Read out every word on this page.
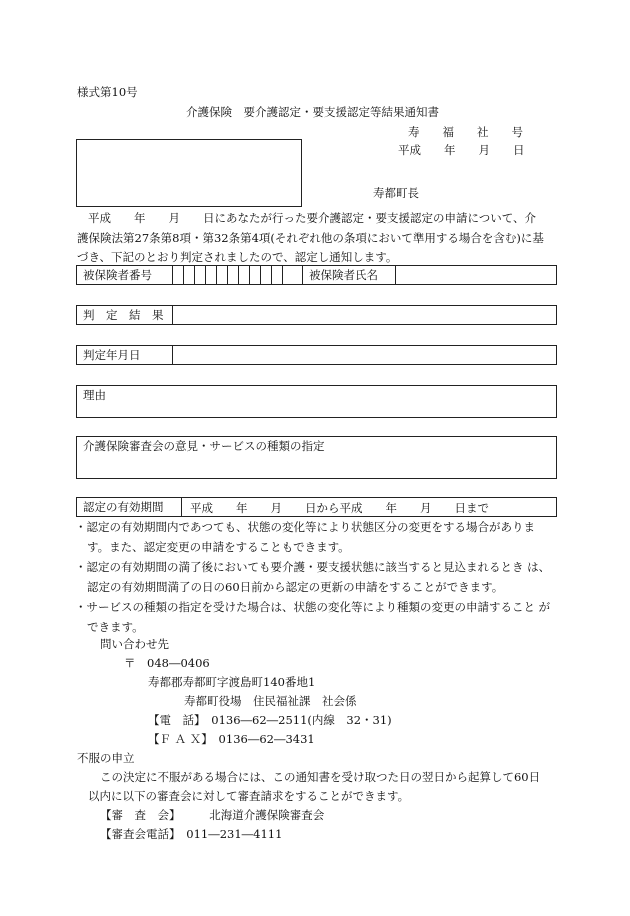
様式第10号
介護保険　要介護認定・要支援認定等結果通知書
寿　　福　　社　　号
平成　　年　　月　　日
寿都町長
平成　　年　　月　　日にあなたが行った要介護認定・要支援認定の申請について、介
護保険法第27条第8項・第32条第4項(それぞれ他の条項において準用する場合を含む)に基
づき、下記のとおり判定されましたので、認定し通知します。
被保険者番号	被保険者氏名
判　定　結　果
判定年月日
理由
介護保険審査会の意見・サービスの種類の指定
認定の有効期間	平成　　年　　月　　日から平成　　年　　月　　日まで
・認定の有効期間内であつても、状態の変化等により状態区分の変更をする場合がありま す。また、認定変更の申請をすることもできます。
・認定の有効期間の満了後においても要介護・要支援状態に該当すると見込まれるとき は、認定の有効期間満了の日の60日前から認定の更新の申請をすることができます。
・サービスの種類の指定を受けた場合は、状態の変化等により種類の変更の申請すること ができます。
問い合わせ先
〒　048―0406
寿都郡寿都町字渡島町140番地1
寿都町役場　住民福祉課　社会係
【電　話】　0136―62―2511(内線　32・31)
【Ｆ Ａ Ｘ】　0136―62―3431
不服の申立
この決定に不服がある場合には、この通知書を受け取つた日の翌日から起算して60日
以内に以下の審査会に対して審査請求をすることができます。
【審　査　会】　　　北海道介護保険審査会
【審査会電話】　011―231―4111
